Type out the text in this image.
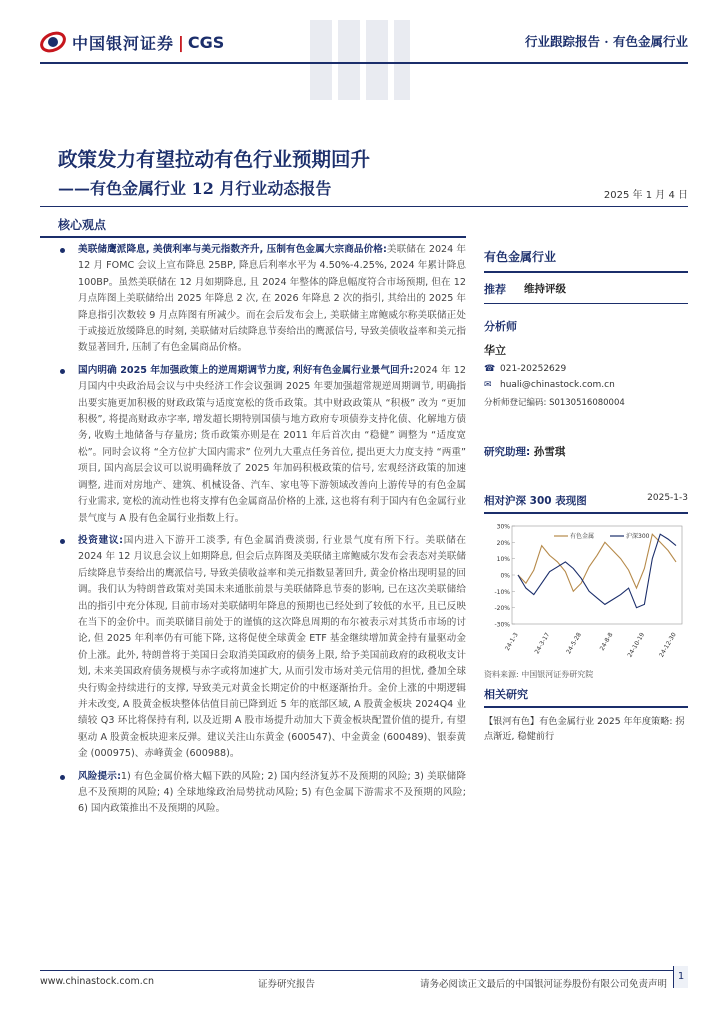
中国银河证券 | CGS	行业跟踪报告 · 有色金属行业
政策发力有望拉动有色行业预期回升
——有色金属行业 12 月行业动态报告	2025 年 1 月 4 日
核心观点
美联储鹰派降息, 美债利率与美元指数齐升, 压制有色金属大宗商品价格:美联储在 2024 年 12 月 FOMC 会议上宣布降息 25BP, 降息后利率水平为 4.50%-4.25%, 2024 年累计降息 100BP。虽然美联储在 12 月如期降息, 且 2024 年整体的降息幅度符合市场预期, 但在 12 月点阵图上美联储给出 2025 年降息 2 次, 在 2026 年降息 2 次的指引, 其给出的 2025 年降息指引次数较 9 月点阵图有所减少。而在会后发布会上, 美联储主席鲍威尔称美联储正处于或接近放缓降息的时刻, 美联储对后续降息节奏给出的鹰派信号, 导致美债收益率和美元指数显著回升, 压制了有色金属商品价格。
国内明确 2025 年加强政策上的逆周期调节力度, 利好有色金属行业景气回升:2024 年 12 月国内中央政治局会议与中央经济工作会议强调 2025 年要加强超常规逆周期调节, 明确指出要实施更加积极的财政政策与适度宽松的货币政策。其中财政政策从 “积极” 改为 “更加积极”, 将提高财政赤字率, 增发超长期特别国债与地方政府专项债券支持化债、化解地方债务, 收购土地储备与存量房; 货币政策亦则是在 2011 年后首次由 “稳健” 调整为 “适度宽松”。同时会议将 “全方位扩大国内需求” 位列九大重点任务首位, 提出更大力度支持 “两重” 项目, 国内高层会议可以说明确释放了 2025 年加码积极政策的信号, 宏观经济政策的加速调整, 进而对房地产、建筑、机械设备、汽车、家电等下游领域改善向上游传导的有色金属行业需求, 宽松的流动性也将支撑有色金属商品价格的上涨, 这也将有利于国内有色金属行业景气度与 A 股有色金属行业指数上行。
投资建议:国内进入下游开工淡季, 有色金属消费淡弱, 行业景气度有所下行。美联储在 2024 年 12 月议息会议上如期降息, 但会后点阵图及美联储主席鲍威尔发布会表态对美联储后续降息节奏给出的鹰派信号, 导致美债收益率和美元指数显著回升, 黄金价格出现明显的回调。我们认为特朗普政策对美国未来通胀前景与美联储降息节奏的影响, 已在这次美联储给出的指引中充分体现, 目前市场对美联储明年降息的预期也已经处到了较低的水平, 且已反映在当下的金价中。而美联储目前处于的谨慎的这次降息周期的布尔被表示对其货币市场的讨论, 但 2025 年利率仍有可能下降, 这将促使全球黄金 ETF 基金继续增加黄金持有量驱动金价上涨。此外, 特朗普将于美国日会取消美国政府的债务上限, 给予美国前政府的政税收支计划, 未来美国政府债务规模与赤字或将加速扩大, 从而引发市场对美元信用的担忧, 叠加全球央行购金持续进行的支撑, 导致美元对黄金长期定价的中枢逐渐抬升。金价上涨的中期逻辑并未改变, A 股黄金板块整体估值目前已降到近 5 年的底部区域, A 股黄金板块 2024Q4 业绩较 Q3 环比将保持有利, 以及近期 A 股市场提升动加大下黄金板块配置价值的提升, 有望驱动 A 股黄金板块迎来反弹。建议关注山东黄金 (600547)、中金黄金 (600489)、银泰黄金 (000975)、赤峰黄金 (600988)。
风险提示:1) 有色金属价格大幅下跌的风险; 2) 国内经济复苏不及预期的风险; 3) 美联储降息不及预期的风险; 4) 全球地缘政治局势扰动风险; 5) 有色金属下游需求不及预期的风险; 6) 国内政策推出不及预期的风险。
有色金属行业
推荐 维持评级
分析师
华立
☎ 021-20252629
✉ huali@chinastock.com.cn
分析师登记编码: S0130516080004
研究助理: 孙雪琪
相对沪深 300 表现图	2025-1-3
30%
20%
10%
0%
-10%
-20%
-30%
24-1-3 24-3-17 24-5-28	24-8-8 24-10-19 24-12-30
有色金属	沪深300
资料来源: 中国银河证券研究院
相关研究
【银河有色】有色金属行业 2025 年年度策略: 拐点渐近, 稳健前行
www.chinastock.com.cn	证券研究报告	请务必阅读正文最后的中国银河证券股份有限公司免责声明
1
